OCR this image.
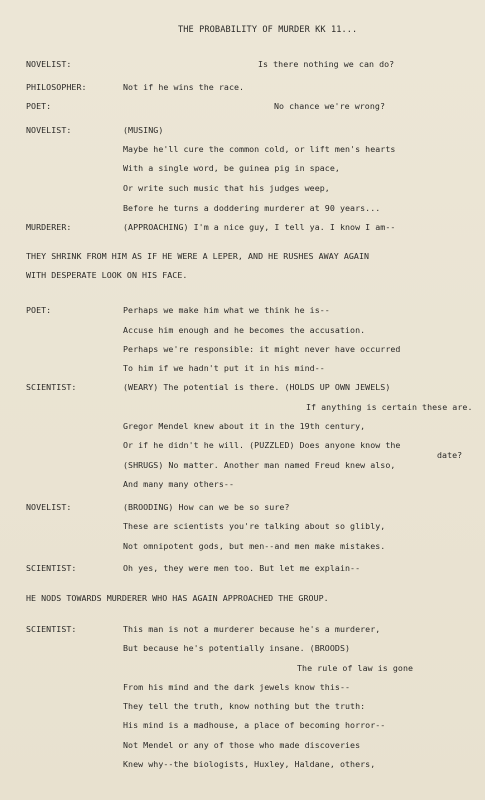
THE PROBABILITY OF MURDER KK 11...
NOVELIST:	Is there nothing we can do?
PHILOSOPHER:	Not if he wins the race.
POET:	No chance we're wrong?
NOVELIST:	(MUSING)
Maybe he'll cure the common cold, or lift men's hearts
With a single word, be guinea pig in space,
Or write such music that his judges weep,
Before he turns a doddering murderer at 90 years...
MURDERER:	(APPROACHING) I'm a nice guy, I tell ya. I know I am--
THEY SHRINK FROM HIM AS IF HE WERE A LEPER, AND HE RUSHES AWAY AGAIN
WITH DESPERATE LOOK ON HIS FACE.
POET:	Perhaps we make him what we think he is--
Accuse him enough and he becomes the accusation.
Perhaps we're responsible: it might never have occurred
To him if we hadn't put it in his mind--
SCIENTIST:	(WEARY) The potential is there. (HOLDS UP OWN JEWELS)
If anything is certain these are.
Gregor Mendel knew about it in the 19th century,
Or if he didn't he will. (PUZZLED) Does anyone know the
date?
(SHRUGS) No matter. Another man named Freud knew also,
And many many others--
NOVELIST:	(BROODING) How can we be so sure?
These are scientists you're talking about so glibly,
Not omnipotent gods, but men--and men make mistakes.
SCIENTIST:	Oh yes, they were men too. But let me explain--
HE NODS TOWARDS MURDERER WHO HAS AGAIN APPROACHED THE GROUP.
SCIENTIST:	This man is not a murderer because he's a murderer,
But because he's potentially insane. (BROODS)
The rule of law is gone
From his mind and the dark jewels know this--
They tell the truth, know nothing but the truth:
His mind is a madhouse, a place of becoming horror--
Not Mendel or any of those who made discoveries
Knew why--the biologists, Huxley, Haldane, others,
